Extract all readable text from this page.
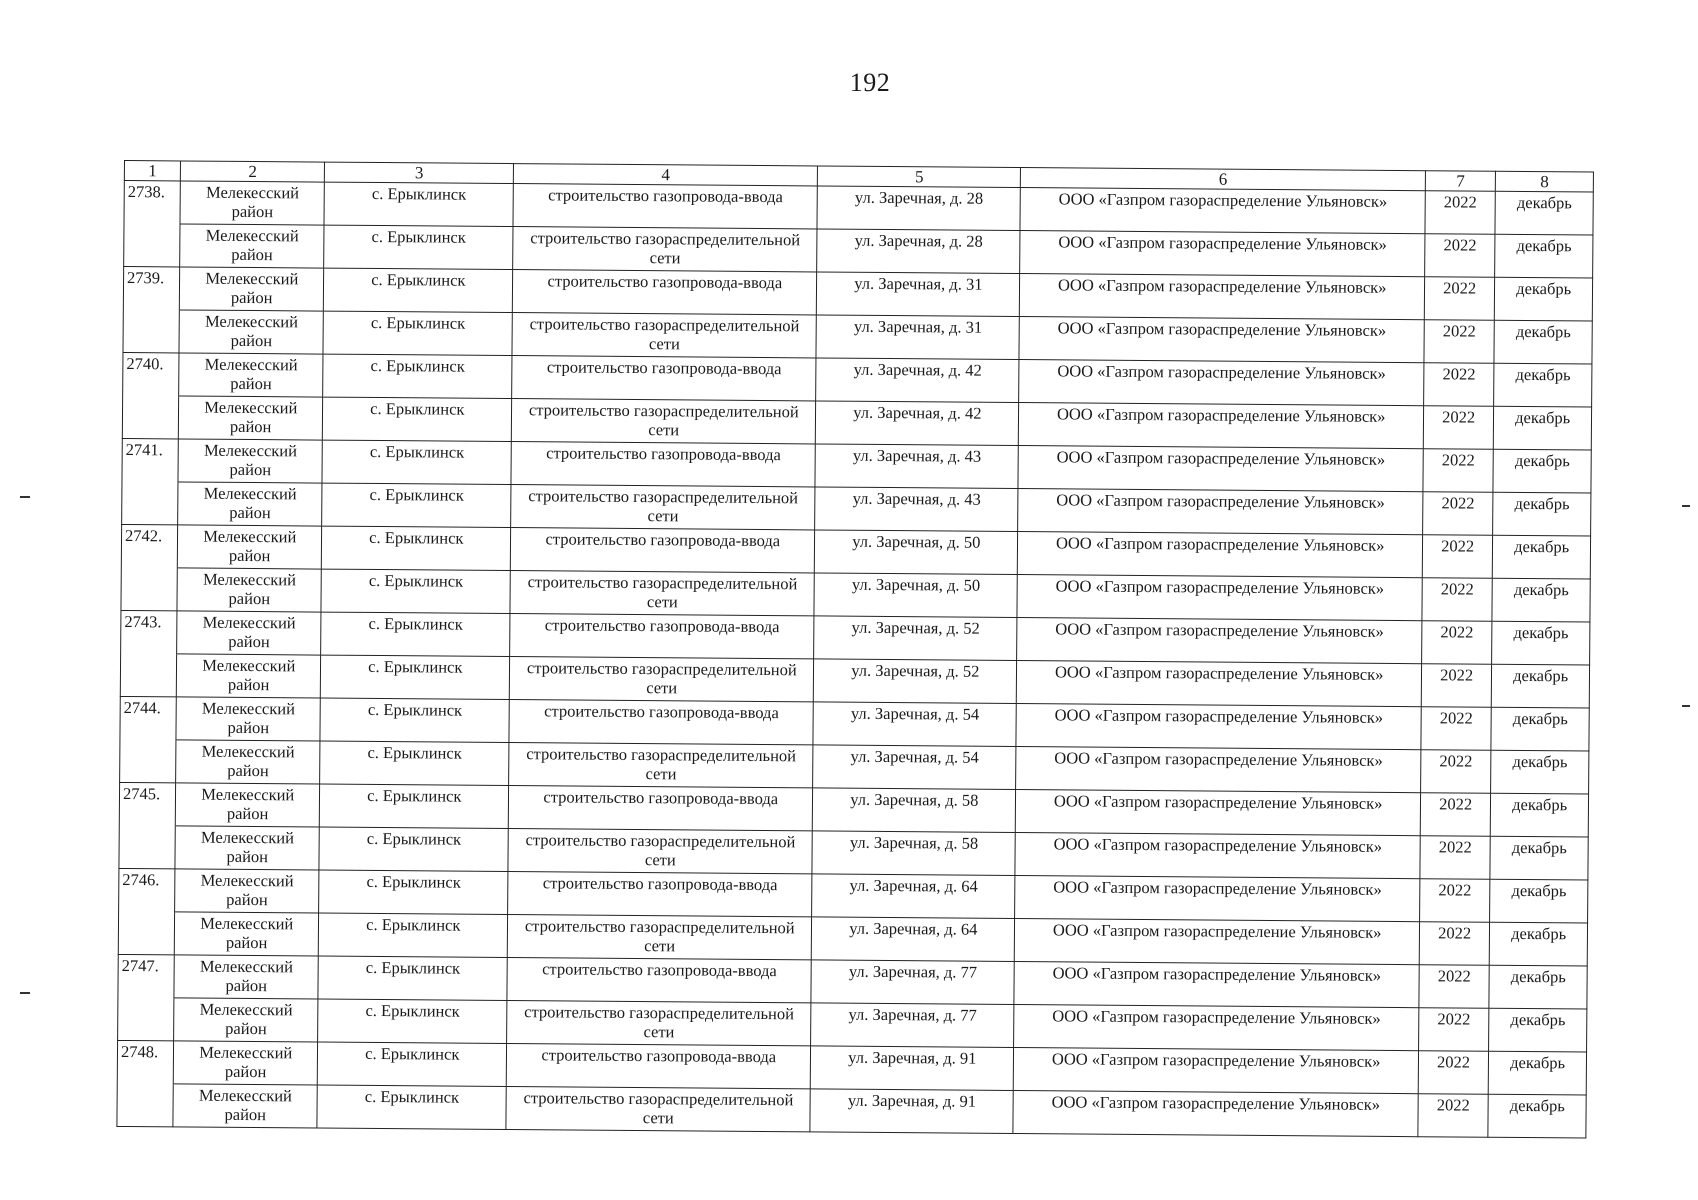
192
1	2	3	4	5	6	7	8
2738.	Мелекесский район	с. Ерыклинск	строительство газопровода-ввода	ул. Заречная, д. 28	ООО «Газпром газораспределение Ульяновск»	2022	декабрь
	Мелекесский район	с. Ерыклинск	строительство газораспределительной сети	ул. Заречная, д. 28	ООО «Газпром газораспределение Ульяновск»	2022	декабрь
2739.	Мелекесский район	с. Ерыклинск	строительство газопровода-ввода	ул. Заречная, д. 31	ООО «Газпром газораспределение Ульяновск»	2022	декабрь
	Мелекесский район	с. Ерыклинск	строительство газораспределительной сети	ул. Заречная, д. 31	ООО «Газпром газораспределение Ульяновск»	2022	декабрь
2740.	Мелекесский район	с. Ерыклинск	строительство газопровода-ввода	ул. Заречная, д. 42	ООО «Газпром газораспределение Ульяновск»	2022	декабрь
	Мелекесский район	с. Ерыклинск	строительство газораспределительной сети	ул. Заречная, д. 42	ООО «Газпром газораспределение Ульяновск»	2022	декабрь
2741.	Мелекесский район	с. Ерыклинск	строительство газопровода-ввода	ул. Заречная, д. 43	ООО «Газпром газораспределение Ульяновск»	2022	декабрь
	Мелекесский район	с. Ерыклинск	строительство газораспределительной сети	ул. Заречная, д. 43	ООО «Газпром газораспределение Ульяновск»	2022	декабрь
2742.	Мелекесский район	с. Ерыклинск	строительство газопровода-ввода	ул. Заречная, д. 50	ООО «Газпром газораспределение Ульяновск»	2022	декабрь
	Мелекесский район	с. Ерыклинск	строительство газораспределительной сети	ул. Заречная, д. 50	ООО «Газпром газораспределение Ульяновск»	2022	декабрь
2743.	Мелекесский район	с. Ерыклинск	строительство газопровода-ввода	ул. Заречная, д. 52	ООО «Газпром газораспределение Ульяновск»	2022	декабрь
	Мелекесский район	с. Ерыклинск	строительство газораспределительной сети	ул. Заречная, д. 52	ООО «Газпром газораспределение Ульяновск»	2022	декабрь
2744.	Мелекесский район	с. Ерыклинск	строительство газопровода-ввода	ул. Заречная, д. 54	ООО «Газпром газораспределение Ульяновск»	2022	декабрь
	Мелекесский район	с. Ерыклинск	строительство газораспределительной сети	ул. Заречная, д. 54	ООО «Газпром газораспределение Ульяновск»	2022	декабрь
2745.	Мелекесский район	с. Ерыклинск	строительство газопровода-ввода	ул. Заречная, д. 58	ООО «Газпром газораспределение Ульяновск»	2022	декабрь
	Мелекесский район	с. Ерыклинск	строительство газораспределительной сети	ул. Заречная, д. 58	ООО «Газпром газораспределение Ульяновск»	2022	декабрь
2746.	Мелекесский район	с. Ерыклинск	строительство газопровода-ввода	ул. Заречная, д. 64	ООО «Газпром газораспределение Ульяновск»	2022	декабрь
	Мелекесский район	с. Ерыклинск	строительство газораспределительной сети	ул. Заречная, д. 64	ООО «Газпром газораспределение Ульяновск»	2022	декабрь
2747.	Мелекесский район	с. Ерыклинск	строительство газопровода-ввода	ул. Заречная, д. 77	ООО «Газпром газораспределение Ульяновск»	2022	декабрь
	Мелекесский район	с. Ерыклинск	строительство газораспределительной сети	ул. Заречная, д. 77	ООО «Газпром газораспределение Ульяновск»	2022	декабрь
2748.	Мелекесский район	с. Ерыклинск	строительство газопровода-ввода	ул. Заречная, д. 91	ООО «Газпром газораспределение Ульяновск»	2022	декабрь
	Мелекесский район	с. Ерыклинск	строительство газораспределительной сети	ул. Заречная, д. 91	ООО «Газпром газораспределение Ульяновск»	2022	декабрь
